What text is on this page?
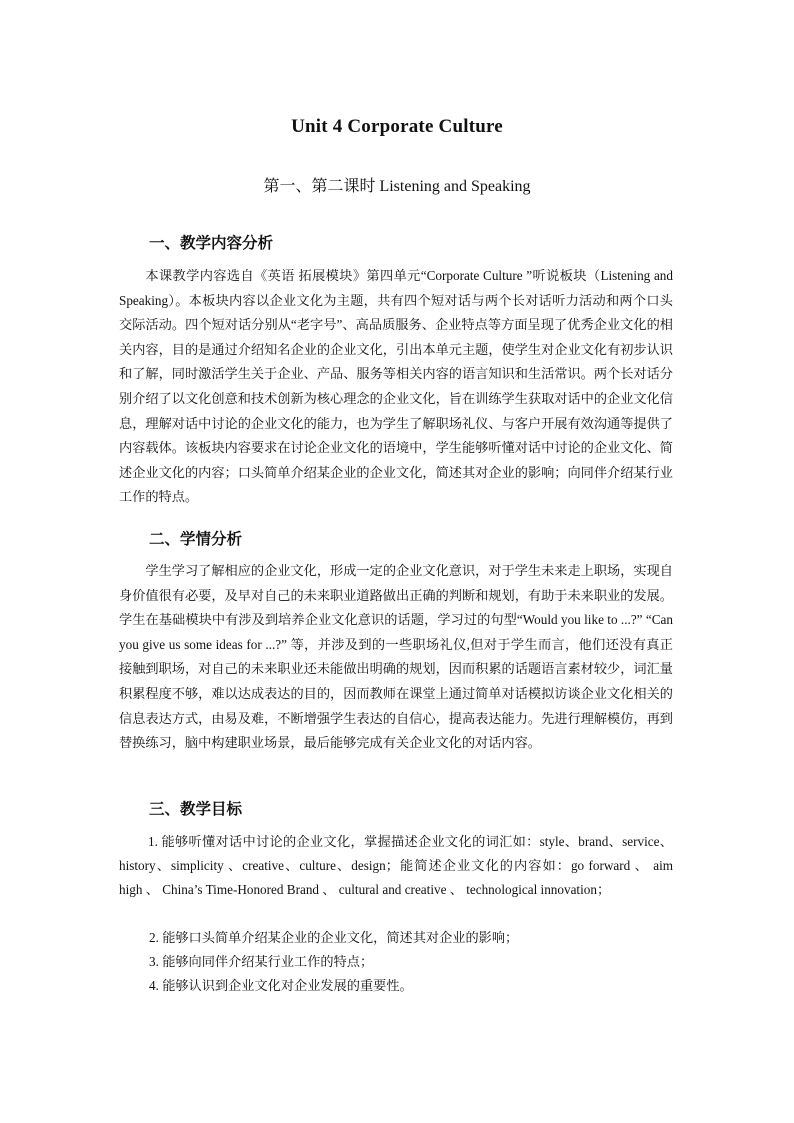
Unit 4 Corporate Culture
第一、第二课时 Listening and Speaking
一、教学内容分析
本课教学内容选自《英语 拓展模块》第四单元“Corporate Culture ”听说板块（Listening and Speaking）。本板块内容以企业文化为主题，共有四个短对话与两个长对话听力活动和两个口头交际活动。四个短对话分别从“老字号”、高品质服务、企业特点等方面呈现了优秀企业文化的相关内容，目的是通过介绍知名企业的企业文化，引出本单元主题，使学生对企业文化有初步认识和了解，同时激活学生关于企业、产品、服务等相关内容的语言知识和生活常识。两个长对话分别介绍了以文化创意和技术创新为核心理念的企业文化，旨在训练学生获取对话中的企业文化信息，理解对话中讨论的企业文化的能力，也为学生了解职场礼仪、与客户开展有效沟通等提供了内容载体。该板块内容要求在讨论企业文化的语境中，学生能够听懂对话中讨论的企业文化、简述企业文化的内容；口头简单介绍某企业的企业文化，简述其对企业的影响；向同伴介绍某行业工作的特点。
二、学情分析
学生学习了解相应的企业文化，形成一定的企业文化意识，对于学生未来走上职场，实现自身价值很有必要，及早对自己的未来职业道路做出正确的判断和规划，有助于未来职业的发展。学生在基础模块中有涉及到培养企业文化意识的话题，学习过的句型“Would you like to ...?” “Can you give us some ideas for ...?” 等，并涉及到的一些职场礼仪,但对于学生而言，他们还没有真正接触到职场，对自己的未来职业还未能做出明确的规划，因而积累的话题语言素材较少，词汇量积累程度不够，难以达成表达的目的，因而教师在课堂上通过简单对话模拟访谈企业文化相关的信息表达方式，由易及难，不断增强学生表达的自信心，提高表达能力。先进行理解模仿，再到替换练习，脑中构建职业场景，最后能够完成有关企业文化的对话内容。
三、教学目标
1. 能够听懂对话中讨论的企业文化，掌握描述企业文化的词汇如：style、brand、service、history、simplicity 、creative、culture、design；能简述企业文化的内容如：go forward 、 aim high 、 China’s Time-Honored Brand 、 cultural and creative 、 technological innovation；
2. 能够口头简单介绍某企业的企业文化，简述其对企业的影响；
3. 能够向同伴介绍某行业工作的特点；
4. 能够认识到企业文化对企业发展的重要性。
